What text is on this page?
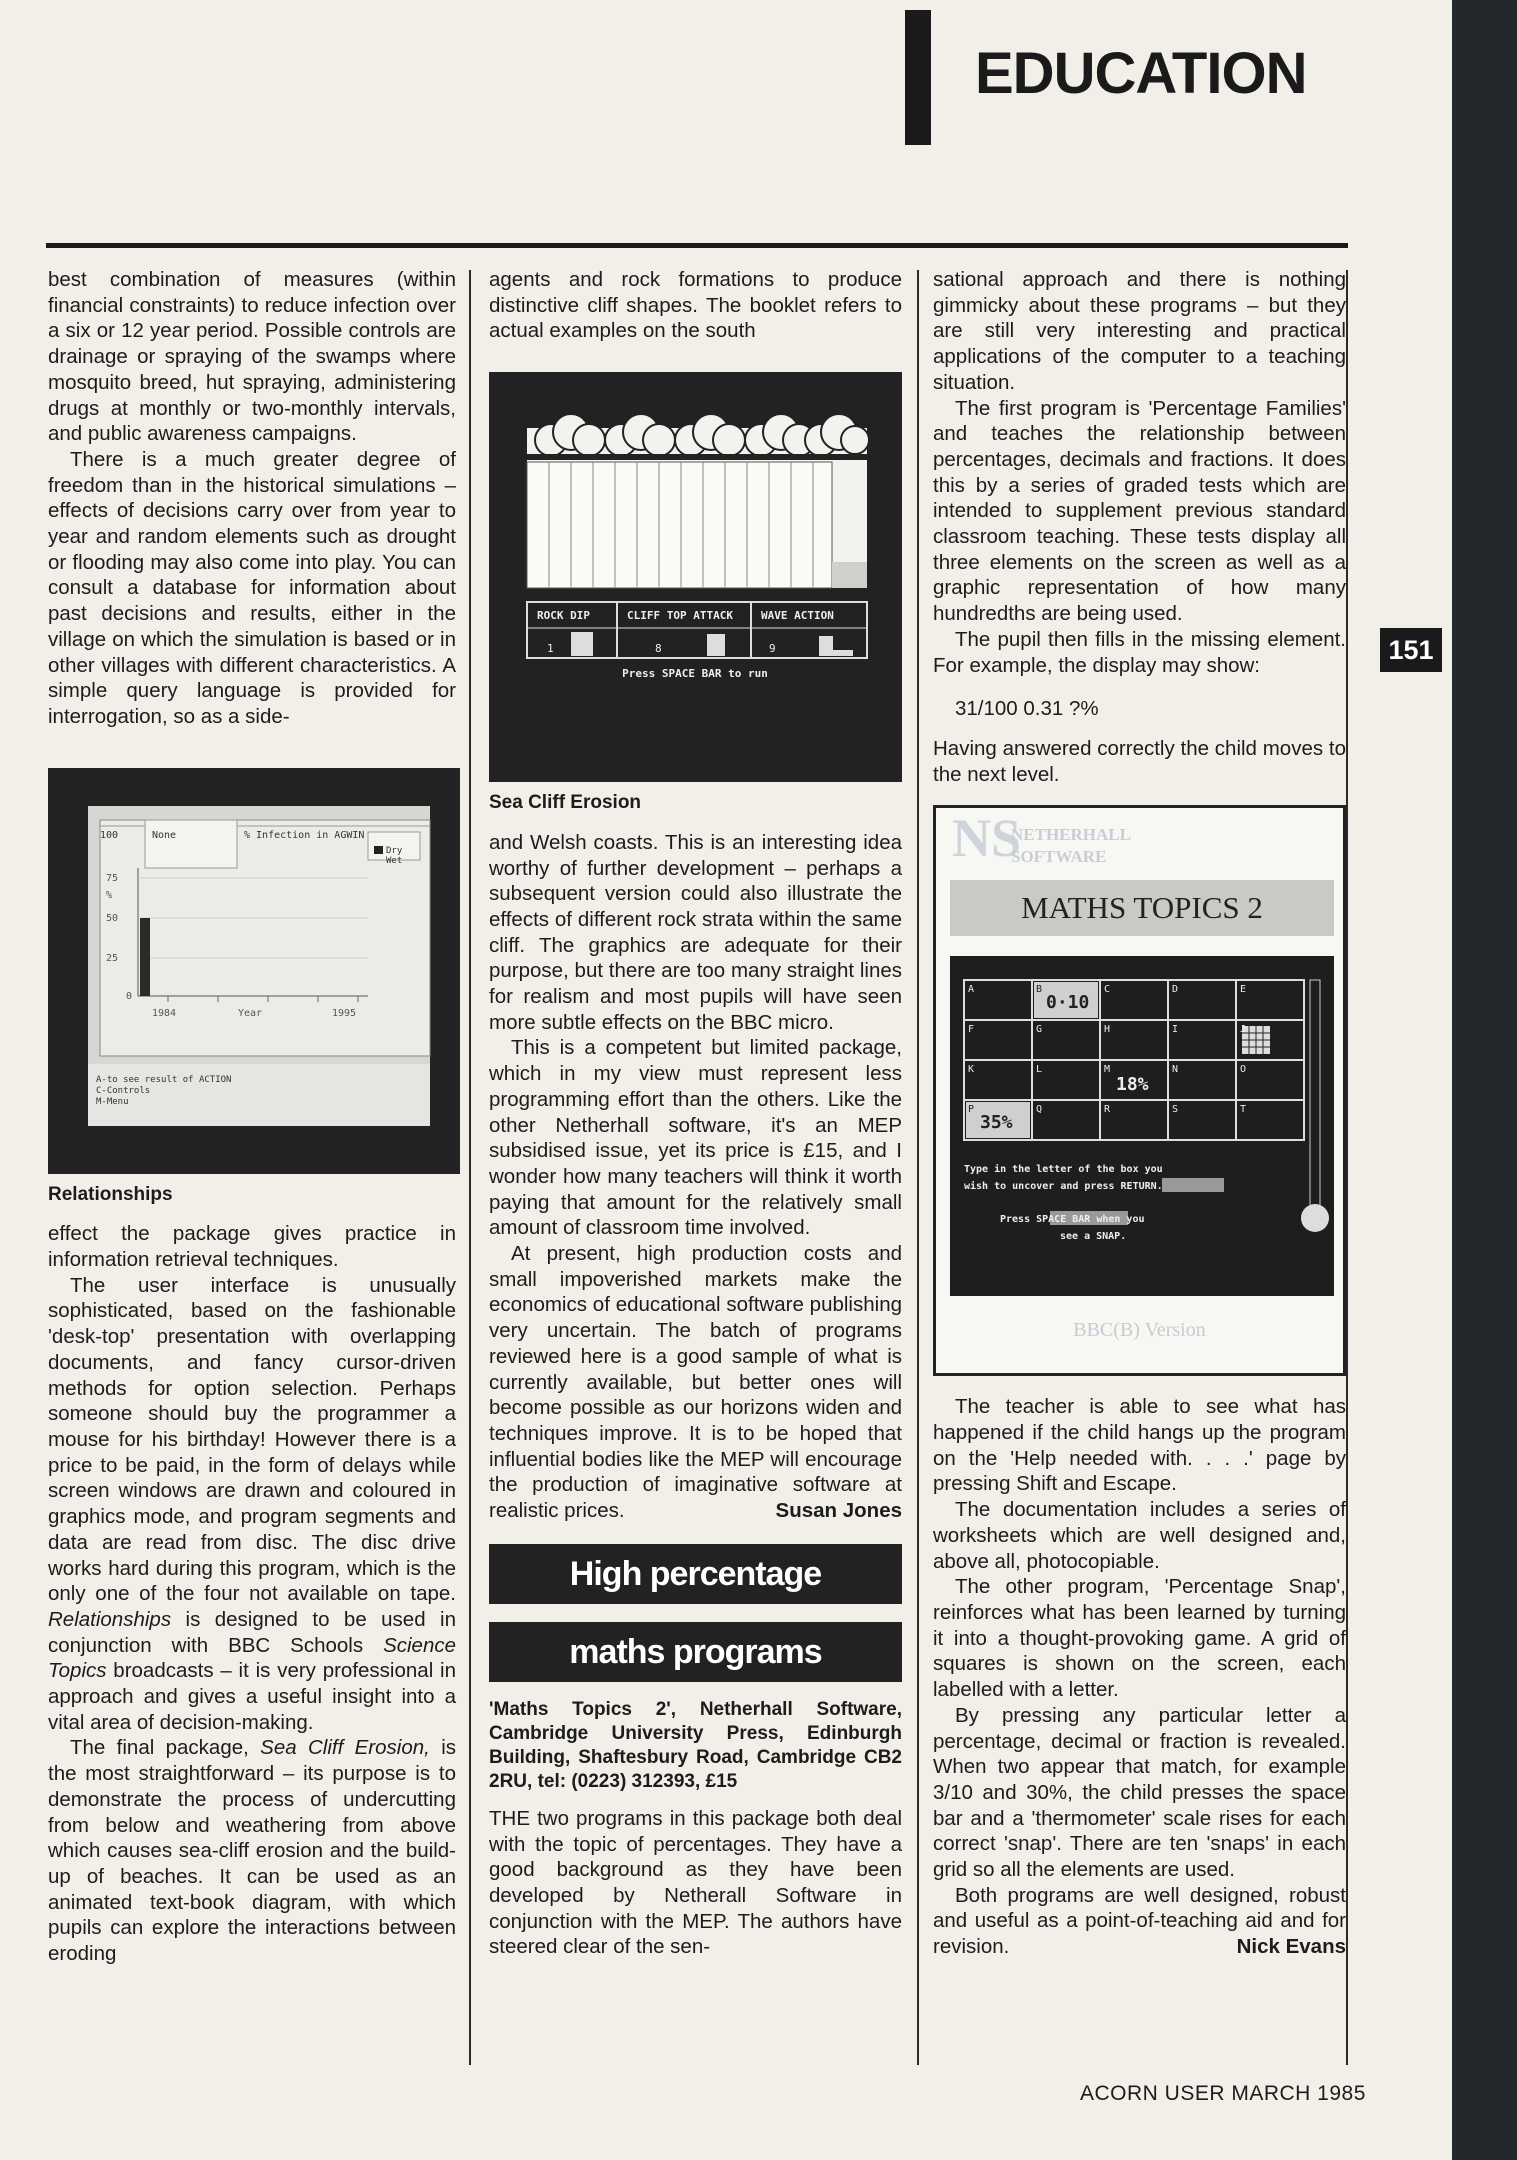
EDUCATION
151

best combination of measures (within financial constraints) to reduce infection over a six or 12 year period. Possible controls are drainage or spraying of the swamps where mosquito breed, hut spraying, administering drugs at monthly or two-monthly intervals, and public awareness campaigns.

There is a much greater degree of freedom than in the historical simulations – effects of decisions carry over from year to year and random elements such as drought or flooding may also come into play. You can consult a database for information about past decisions and results, either in the village on which the simulation is based or in other villages with different characteristics. A simple query language is provided for interrogation, so as a side-

100	None	% Infection in AGWIN
Dry
Wet
75
%
50
25
0
1984	Year	1995
A-to see result of ACTION
C-Controls
M-Menu
Relationships

effect the package gives practice in information retrieval techniques.

The user interface is unusually sophisticated, based on the fashionable 'desk-top' presentation with overlapping documents, and fancy cursor-driven methods for option selection. Perhaps someone should buy the programmer a mouse for his birthday! However there is a price to be paid, in the form of delays while screen windows are drawn and coloured in graphics mode, and program segments and data are read from disc. The disc drive works hard during this program, which is the only one of the four not available on tape. Relationships is designed to be used in conjunction with BBC Schools Science Topics broadcasts – it is very professional in approach and gives a useful insight into a vital area of decision-making.

The final package, Sea Cliff Erosion, is the most straightforward – its purpose is to demonstrate the process of undercutting from below and weathering from above which causes sea-cliff erosion and the build-up of beaches. It can be used as an animated text-book diagram, with which pupils can explore the interactions between eroding

agents and rock formations to produce distinctive cliff shapes. The booklet refers to actual examples on the south

ROCK DIP	CLIFF TOP ATTACK	WAVE ACTION
1	8	9
Press SPACE BAR to run
Sea Cliff Erosion

and Welsh coasts. This is an interesting idea worthy of further development – perhaps a subsequent version could also illustrate the effects of different rock strata within the same cliff. The graphics are adequate for their purpose, but there are too many straight lines for realism and most pupils will have seen more subtle effects on the BBC micro.

This is a competent but limited package, which in my view must represent less programming effort than the others. Like the other Netherhall software, it's an MEP subsidised issue, yet its price is £15, and I wonder how many teachers will think it worth paying that amount for the relatively small amount of classroom time involved.

At present, high production costs and small impoverished markets make the economics of educational software publishing very uncertain. The batch of programs reviewed here is a good sample of what is currently available, but better ones will become possible as our horizons widen and techniques improve. It is to be hoped that influential bodies like the MEP will encourage the production of imaginative software at realistic prices.	Susan Jones

High percentage
maths programs

'Maths Topics 2', Netherhall Software, Cambridge University Press, Edinburgh Building, Shaftesbury Road, Cambridge CB2 2RU, tel: (0223) 312393, £15

THE two programs in this package both deal with the topic of percentages. They have a good background as they have been developed by Netherall Software in conjunction with the MEP. The authors have steered clear of the sen-

sational approach and there is nothing gimmicky about these programs – but they are still very interesting and practical applications of the computer to a teaching situation.

The first program is 'Percentage Families' and teaches the relationship between percentages, decimals and fractions. It does this by a series of graded tests which are intended to supplement previous standard classroom teaching. These tests display all three elements on the screen as well as a graphic representation of how many hundredths are being used.

The pupil then fills in the missing element. For example, the display may show:

31/100 0.31 ?%

Having answered correctly the child moves to the next level.

NS
NETHERHALL
SOFTWARE
MATHS TOPICS 2
A	B	C	D	E
F	G	H	I	J
K	L	M	N	O
P	Q	R	S	T
0·10
18%
35%
Type in the letter of the box you
wish to uncover and press RETURN.
Press SPACE BAR when you
see a SNAP.
BBC(B) Version

The teacher is able to see what has happened if the child hangs up the program on the 'Help needed with. . . .' page by pressing Shift and Escape.

The documentation includes a series of worksheets which are well designed and, above all, photocopiable.

The other program, 'Percentage Snap', reinforces what has been learned by turning it into a thought-provoking game. A grid of squares is shown on the screen, each labelled with a letter.

By pressing any particular letter a percentage, decimal or fraction is revealed. When two appear that match, for example 3/10 and 30%, the child presses the space bar and a 'thermometer' scale rises for each correct 'snap'. There are ten 'snaps' in each grid so all the elements are used.

Both programs are well designed, robust and useful as a point-of-teaching aid and for revision.	Nick Evans

ACORN USER MARCH 1985
